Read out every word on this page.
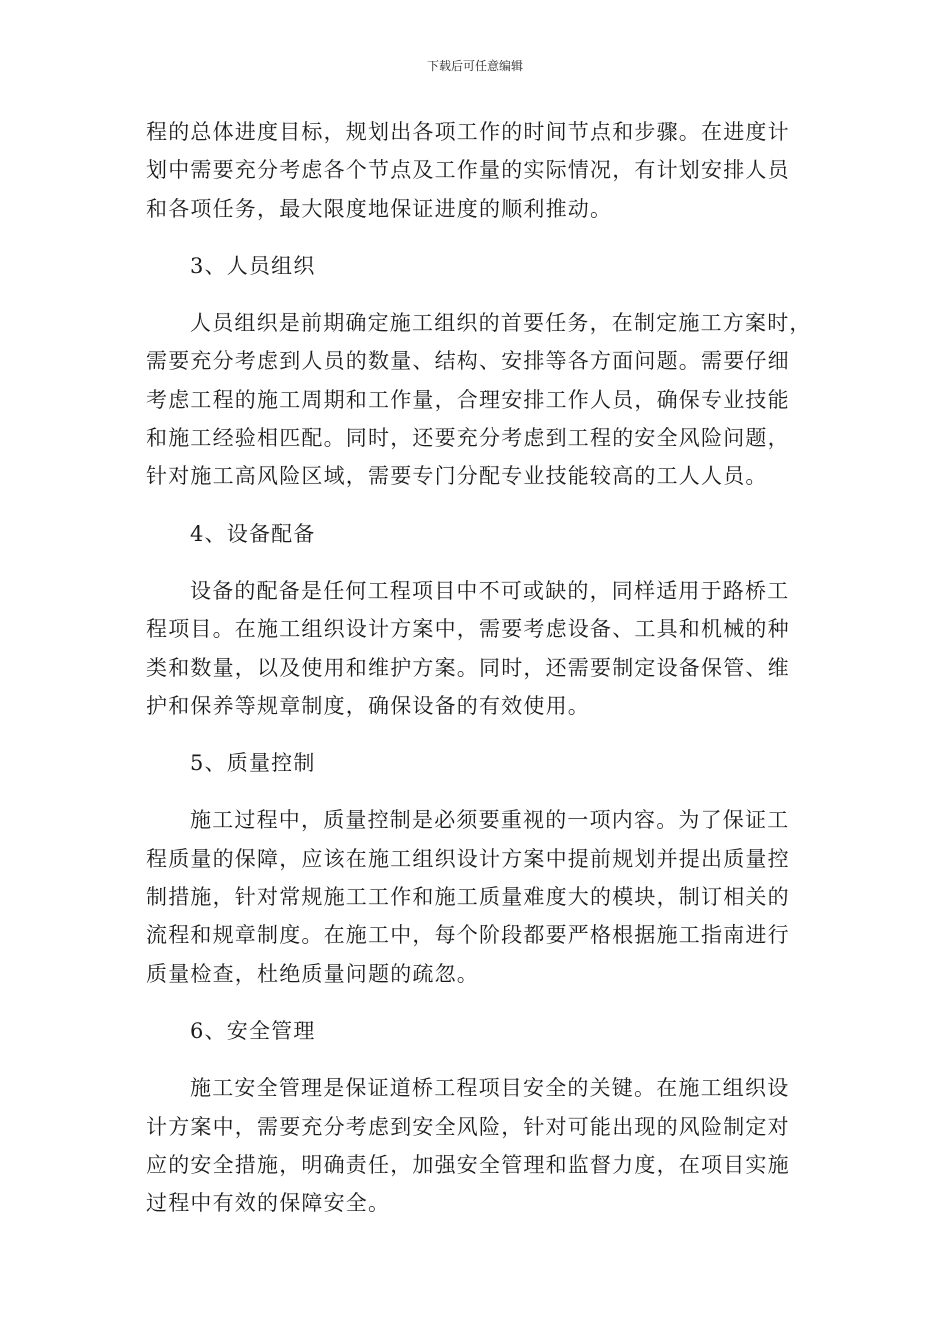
下载后可任意编辑
程的总体进度目标，规划出各项工作的时间节点和步骤。在进度计
划中需要充分考虑各个节点及工作量的实际情况，有计划安排人员
和各项任务，最大限度地保证进度的顺利推动。
3、人员组织
人员组织是前期确定施工组织的首要任务，在制定施工方案时，
需要充分考虑到人员的数量、结构、安排等各方面问题。需要仔细
考虑工程的施工周期和工作量，合理安排工作人员，确保专业技能
和施工经验相匹配。同时，还要充分考虑到工程的安全风险问题，
针对施工高风险区域，需要专门分配专业技能较高的工人人员。
4、设备配备
设备的配备是任何工程项目中不可或缺的，同样适用于路桥工
程项目。在施工组织设计方案中，需要考虑设备、工具和机械的种
类和数量，以及使用和维护方案。同时，还需要制定设备保管、维
护和保养等规章制度，确保设备的有效使用。
5、质量控制
施工过程中，质量控制是必须要重视的一项内容。为了保证工
程质量的保障，应该在施工组织设计方案中提前规划并提出质量控
制措施，针对常规施工工作和施工质量难度大的模块，制订相关的
流程和规章制度。在施工中，每个阶段都要严格根据施工指南进行
质量检查，杜绝质量问题的疏忽。
6、安全管理
施工安全管理是保证道桥工程项目安全的关键。在施工组织设
计方案中，需要充分考虑到安全风险，针对可能出现的风险制定对
应的安全措施，明确责任，加强安全管理和监督力度，在项目实施
过程中有效的保障安全。
